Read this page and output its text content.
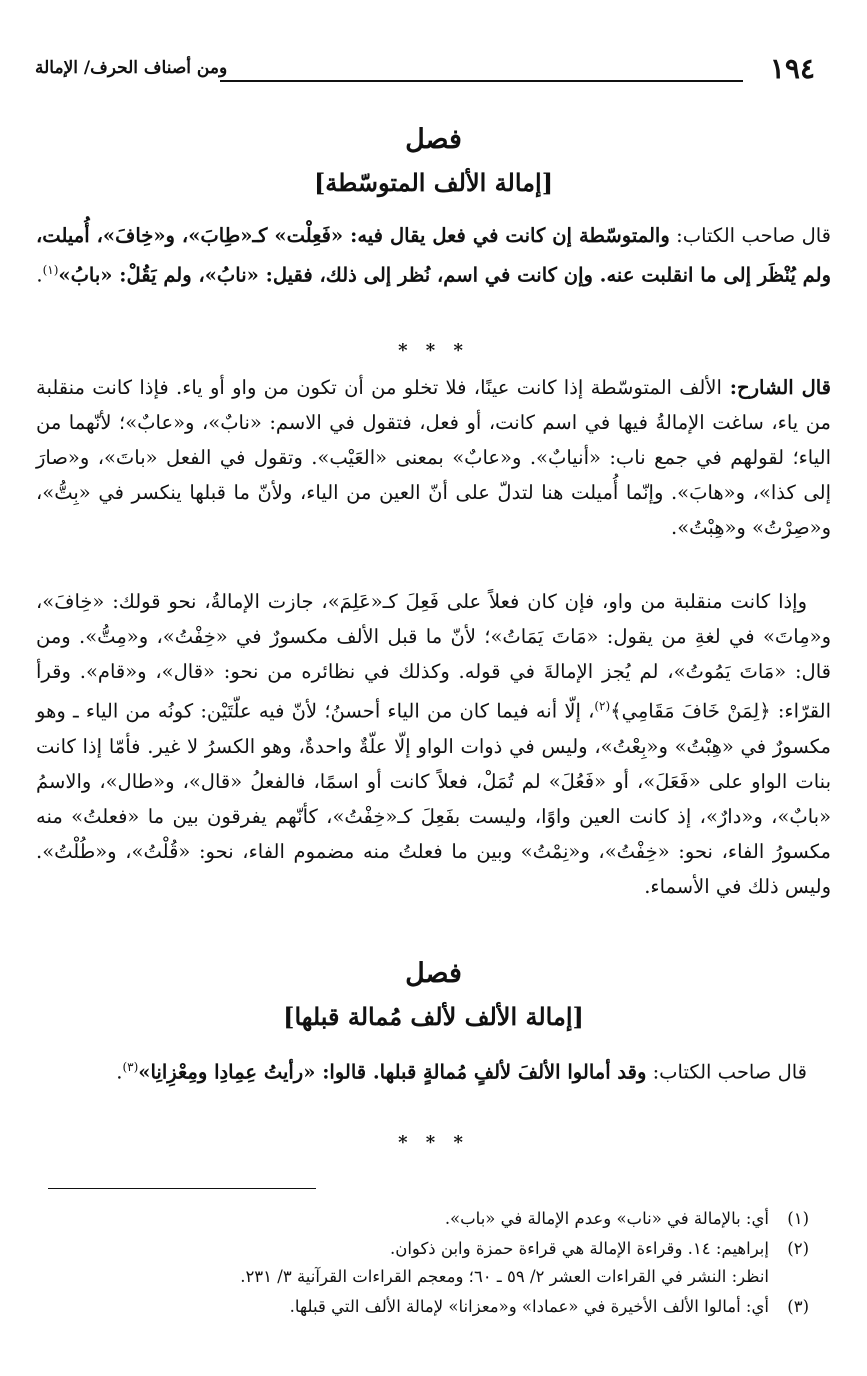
١٩٤
ومن أصناف الحرف/ الإمالة
فصل
[إمالة الألف المتوسّطة]
قال صاحب الكتاب: والمتوسّطة إن كانت في فعل يقال فيه: «فَعِلْت» كـ«طِابَ»، و«خِافَ»، أُميلت، ولم يُنْظَر إلى ما انقلبت عنه. وإن كانت في اسم، نُظر إلى ذلك، فقيل: «نابُ»، ولم يَقُلْ: «بابُ»$^{(١)}$.
* * *
قال الشارح: الألف المتوسّطة إذا كانت عينًا، فلا تخلو من أن تكون من واو أو ياء. فإذا كانت منقلبة من ياء، ساغت الإمالةُ فيها في اسم كانت، أو فعل، فتقول في الاسم: «نابٌ»، و«عابٌ»؛ لأنّهما من الياء؛ لقولهم في جمع ناب: «أنيابٌ». و«عابٌ» بمعنى «العَيْب». وتقول في الفعل «باتَ»، و«صارَ إلى كذا»، و«هابَ». وإنّما أُميلت هنا لتدلّ على أنّ العين من الياء، ولأنّ ما قبلها ينكسر في «بِتُّ»، و«صِرْتُ» و«هِبْتُ».
وإذا كانت منقلبة من واو، فإن كان فعلاً على فَعِلَ كـ«عَلِمَ»، جازت الإمالةُ، نحو قولك: «خِافَ»، و«مِاتَ» في لغةِ من يقول: «مَاتَ يَمَاتُ»؛ لأنّ ما قبل الألف مكسورٌ في «خِفْتُ»، و«مِتُّ». ومن قال: «مَاتَ يَمُوتُ»، لم يُجز الإمالةَ في قوله. وكذلك في نظائره من نحو: «قال»، و«قام». وقرأ القرّاء: ﴿لِمَنْ خَافَ مَقَامِي﴾$^{(٢)}$، إلّا أنه فيما كان من الياء أحسنُ؛ لأنّ فيه علّتَيْن: كونُه من الياء ـ وهو مكسورٌ في «هِبْتُ» و«بِعْتُ»، وليس في ذوات الواو إلّا علّةٌ واحدةٌ، وهو الكسرُ لا غير. فأمّا إذا كانت بنات الواو على «فَعَلَ»، أو «فَعُلَ» لم تُمَلْ، فعلاً كانت أو اسمًا، فالفعلُ «قال»، و«طال»، والاسمُ «بابٌ»، و«دارٌ»، إذ كانت العين واوًا، وليست بفَعِلَ كـ«خِفْتُ»، كأنّهم يفرقون بين ما «فعلتُ» منه مكسورُ الفاء، نحو: «خِفْتُ»، و«نِمْتُ» وبين ما فعلتُ منه مضموم الفاء، نحو: «قُلْتُ»، و«طُلْتُ». وليس ذلك في الأسماء.
فصل
[إمالة الألف لألف مُمالة قبلها]
قال صاحب الكتاب: وقد أمالوا الألفَ لألفٍ مُمالةٍ قبلها. قالوا: «رأيتُ عِمِادِا ومِعْزِانِا»$^{(٣)}$.
* * *
(١)أي: بالإمالة في «ناب» وعدم الإمالة في «باب».
(٢)إبراهيم: ١٤. وقراءة الإمالة هي قراءة حمزة وابن ذكوان.
انظر: النشر في القراءات العشر ٢/ ٥٩ ـ ٦٠؛ ومعجم القراءات القرآنية ٣/ ٢٣١.
(٣)أي: أمالوا الألف الأخيرة في «عمادا» و«معزانا» لإمالة الألف التي قبلها.
